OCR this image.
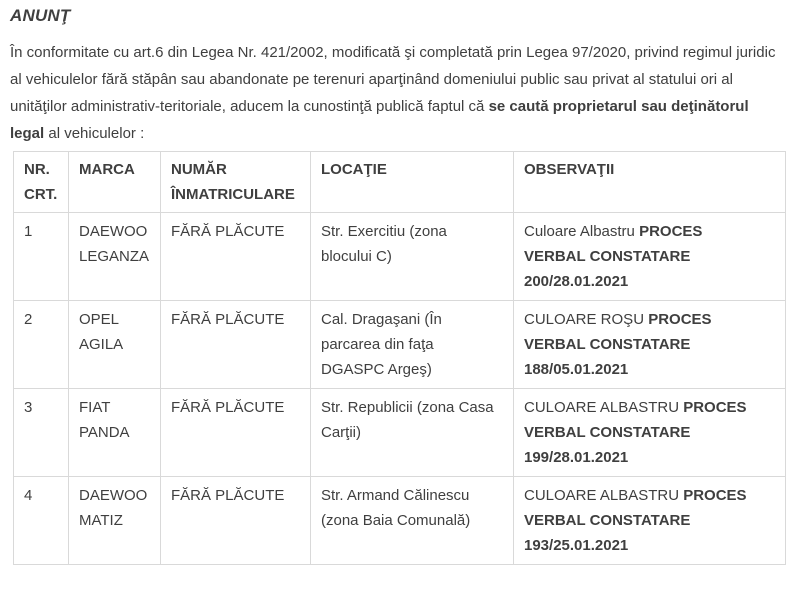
ANUNŢ

În conformitate cu art.6 din Legea Nr. 421/2002, modificată şi completată prin Legea 97/2020, privind regimul juridic al vehiculelor fără stăpân sau abandonate pe terenuri aparţinând domeniului public sau privat al statului ori al unităţilor administrativ-teritoriale, aducem la cunostinţă publică faptul că se caută proprietarul sau deţinătorul legal al vehiculelor :

NR. CRT.	MARCA	NUMĂR ÎNMATRICULARE	LOCAŢIE	OBSERVAŢII
1	DAEWOO LEGANZA	FĂRĂ PLĂCUTE	Str. Exercitiu (zona blocului C)	Culoare Albastru PROCES VERBAL CONSTATARE 200/28.01.2021
2	OPEL AGILA	FĂRĂ PLĂCUTE	Cal. Dragaşani (În parcarea din faţa DGASPC Argeş)	CULOARE ROŞU PROCES VERBAL CONSTATARE 188/05.01.2021
3	FIAT PANDA	FĂRĂ PLĂCUTE	Str. Republicii (zona Casa Carţii)	CULOARE ALBASTRU PROCES VERBAL CONSTATARE 199/28.01.2021
4	DAEWOO MATIZ	FĂRĂ PLĂCUTE	Str. Armand Călinescu (zona Baia Comunală)	CULOARE ALBASTRU PROCES VERBAL CONSTATARE 193/25.01.2021
